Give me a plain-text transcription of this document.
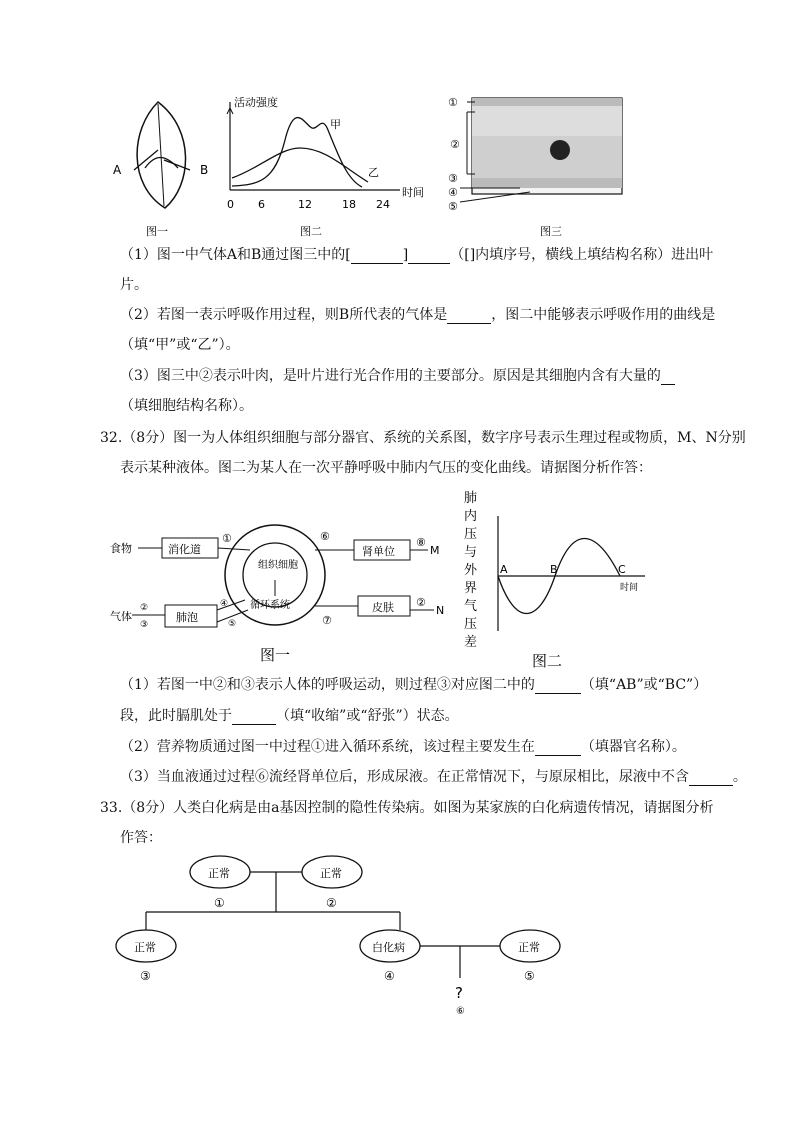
A	B
图一
活动强度
甲
乙
时间
0 6	12	18 24
图二
①
②
③
④
⑤
图三
（1）图一中气体A和B通过图三中的[	]	（[]内填序号，横线上填结构名称）进出叶
片。
（2）若图一表示呼吸作用过程，则B所代表的气体是	，图二中能够表示呼吸作用的曲线是
（填“甲”或“乙”）。
（3）图三中②表示叶肉，是叶片进行光合作用的主要部分。原因是其细胞内含有大量的
（填细胞结构名称）。
32.（8分）图一为人体组织细胞与部分器官、系统的关系图，数字序号表示生理过程或物质，M、N分别
表示某种液体。图二为某人在一次平静呼吸中肺内气压的变化曲线。请据图分析作答：
组织细胞
循环系统
食物	消化道
①
气体
②
③
肺泡
④
⑤
⑥
肾单位
⑧
M
皮肤
⑦
②
N
图一
肺
内
压
与
外
界
气
压
差
A	B	C
时间
图二
（1）若图一中②和③表示人体的呼吸运动，则过程③对应图二中的	（填“AB”或“BC”）
段，此时膈肌处于	（填“收缩”或“舒张”）状态。
（2）营养物质通过图一中过程①进入循环系统，该过程主要发生在	（填器官名称）。
（3）当血液通过过程⑥流经肾单位后，形成尿液。在正常情况下，与原尿相比，尿液中不含	。
33.（8分）人类白化病是由a基因控制的隐性传染病。如图为某家族的白化病遗传情况，请据图分析
作答：
正常
①
正常
②
正常
③
白化病
④
正常
⑤
?
⑥
